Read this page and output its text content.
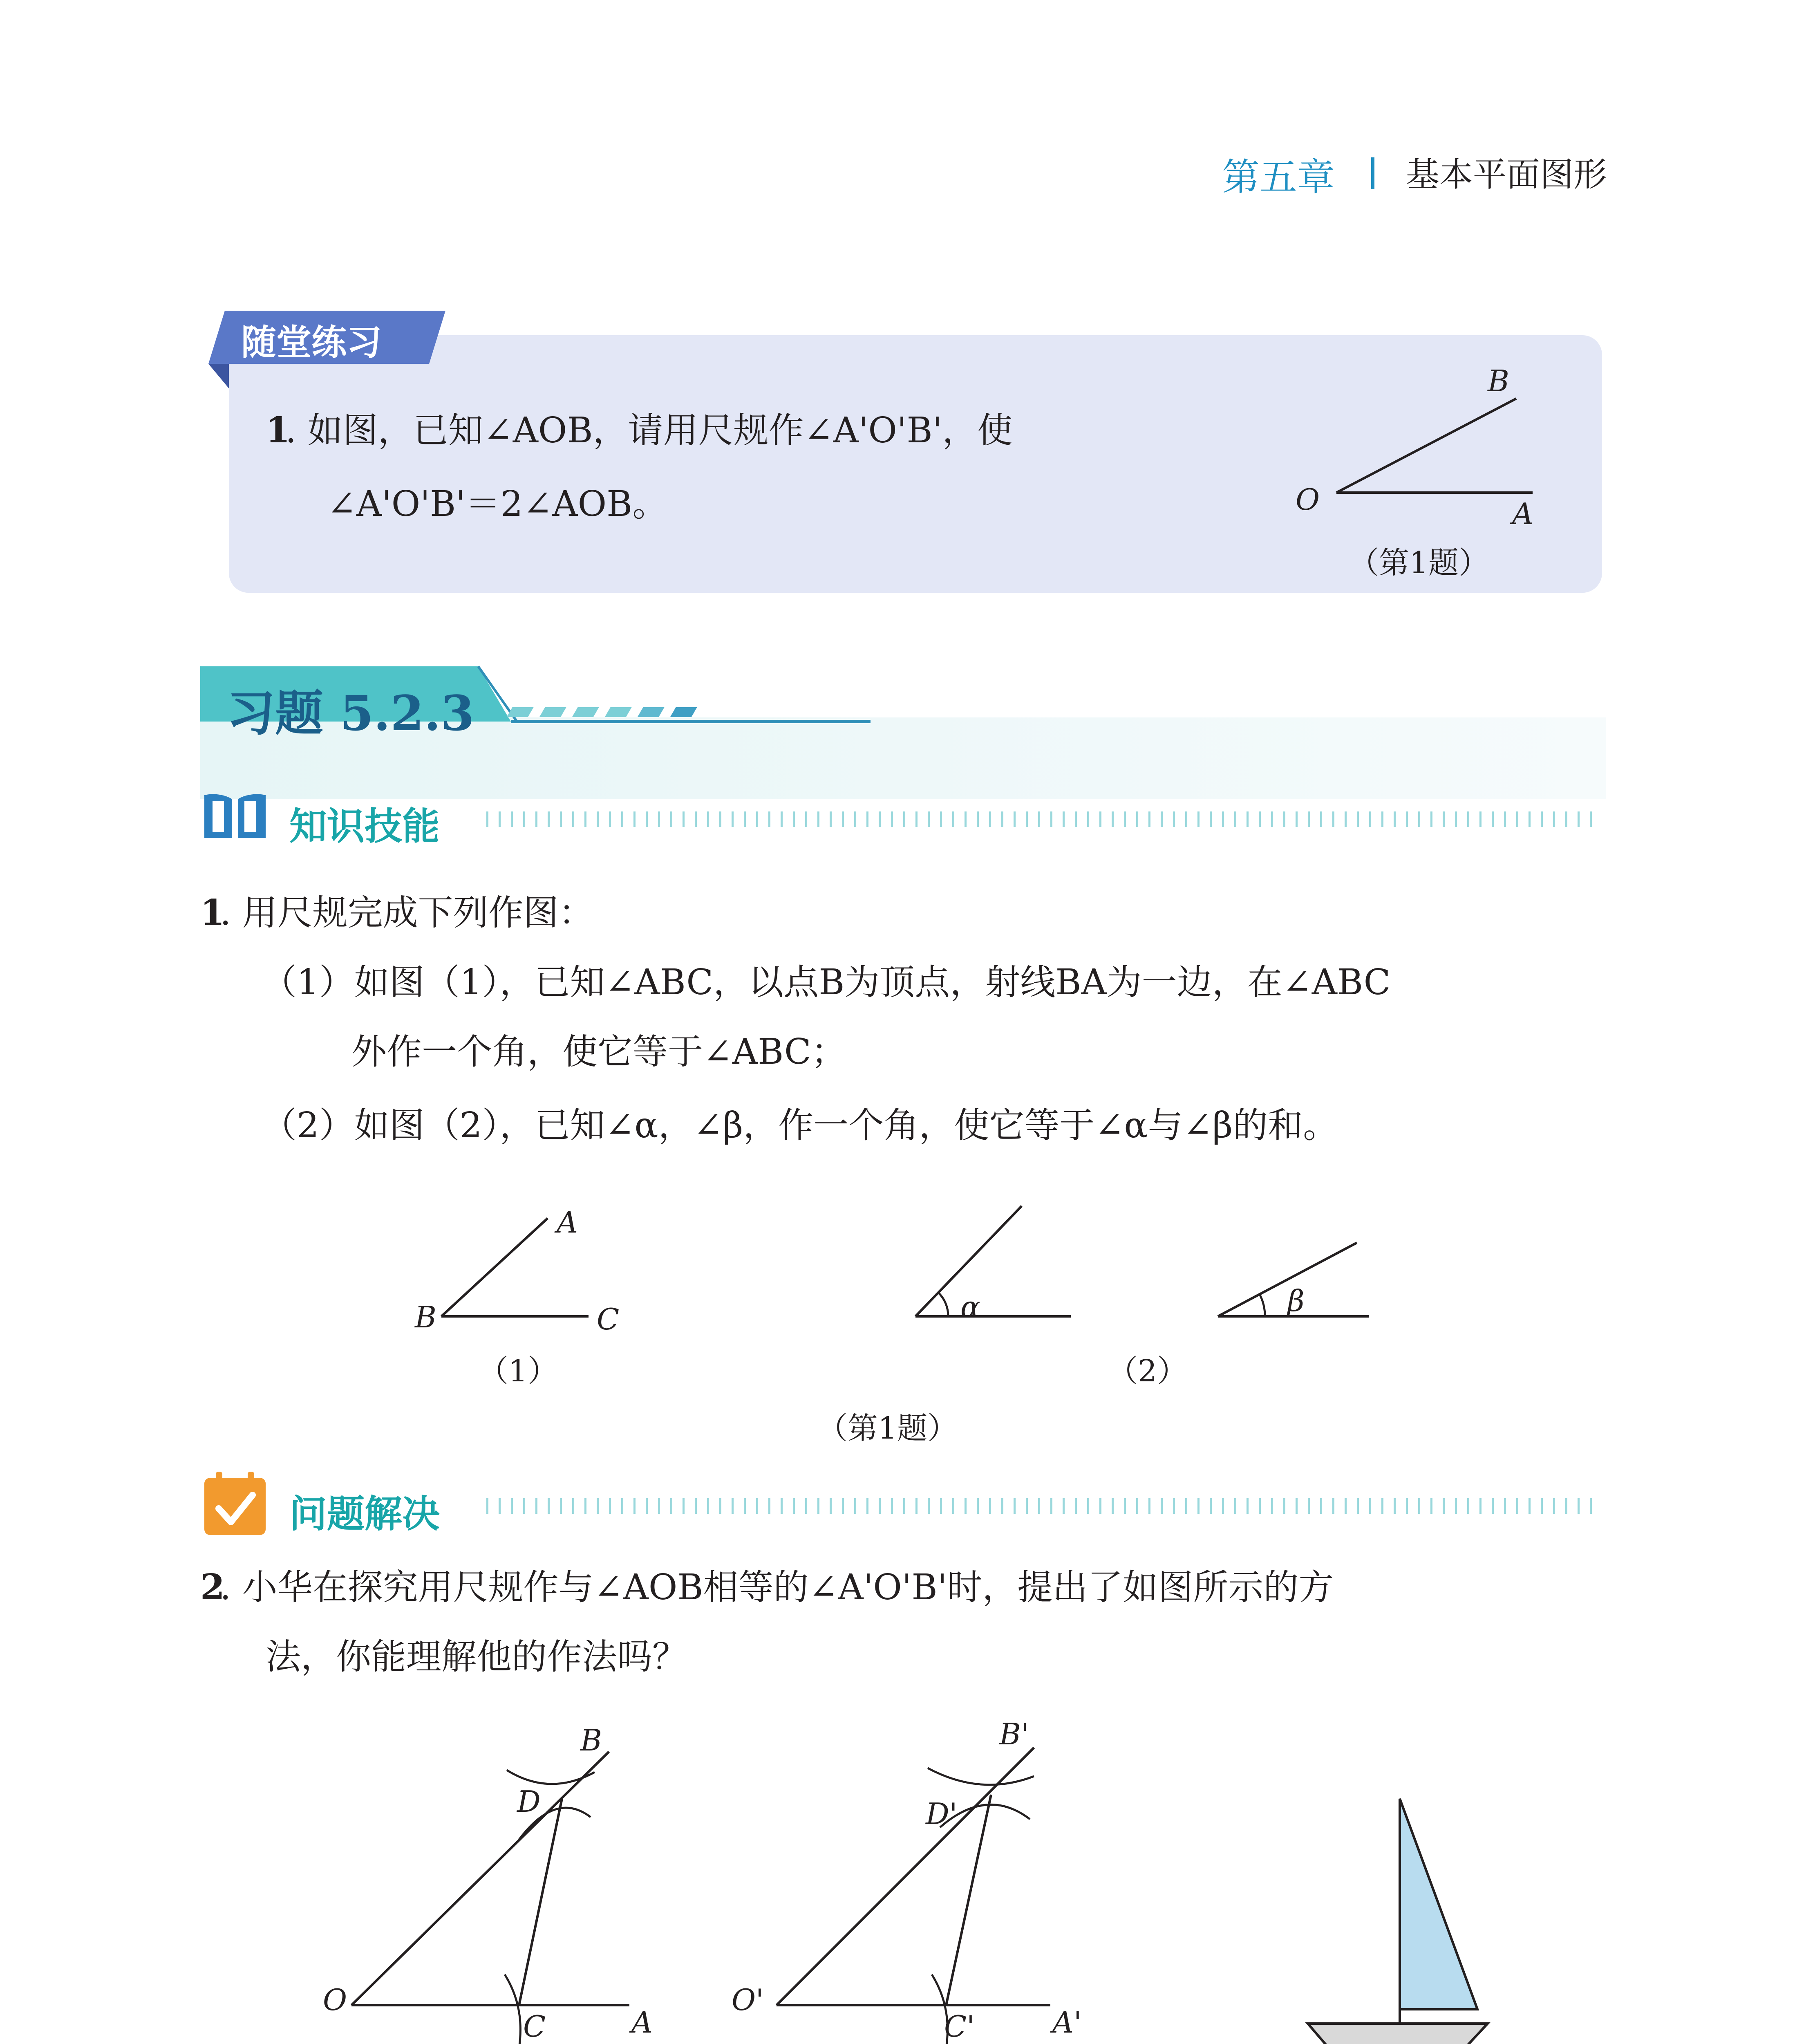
第五章 基本平面图形
随堂练习
1
. 如图，已知∠AOB，请用尺规作∠A'O'B'，使
∠A'O'B'＝2∠AOB。
B
O	A
（第1题）
习题 5.2.3
知识技能
1
. 用尺规完成下列作图：
（1）如图（1），已知∠ABC，以点B为顶点，射线BA为一边，在∠ABC
外作一个角，使它等于∠ABC；
（2）如图（2），已知∠α，∠β，作一个角，使它等于∠α与∠β的和。
A
B	C
（1）
α	β
（2）
（第1题）
问题解决
2
. 小华在探究用尺规作与∠AOB相等的∠A'O'B'时，提出了如图所示的方
法，你能理解他的作法吗？
B
D
O
C	A
B'
D'
O'
C'	A'
